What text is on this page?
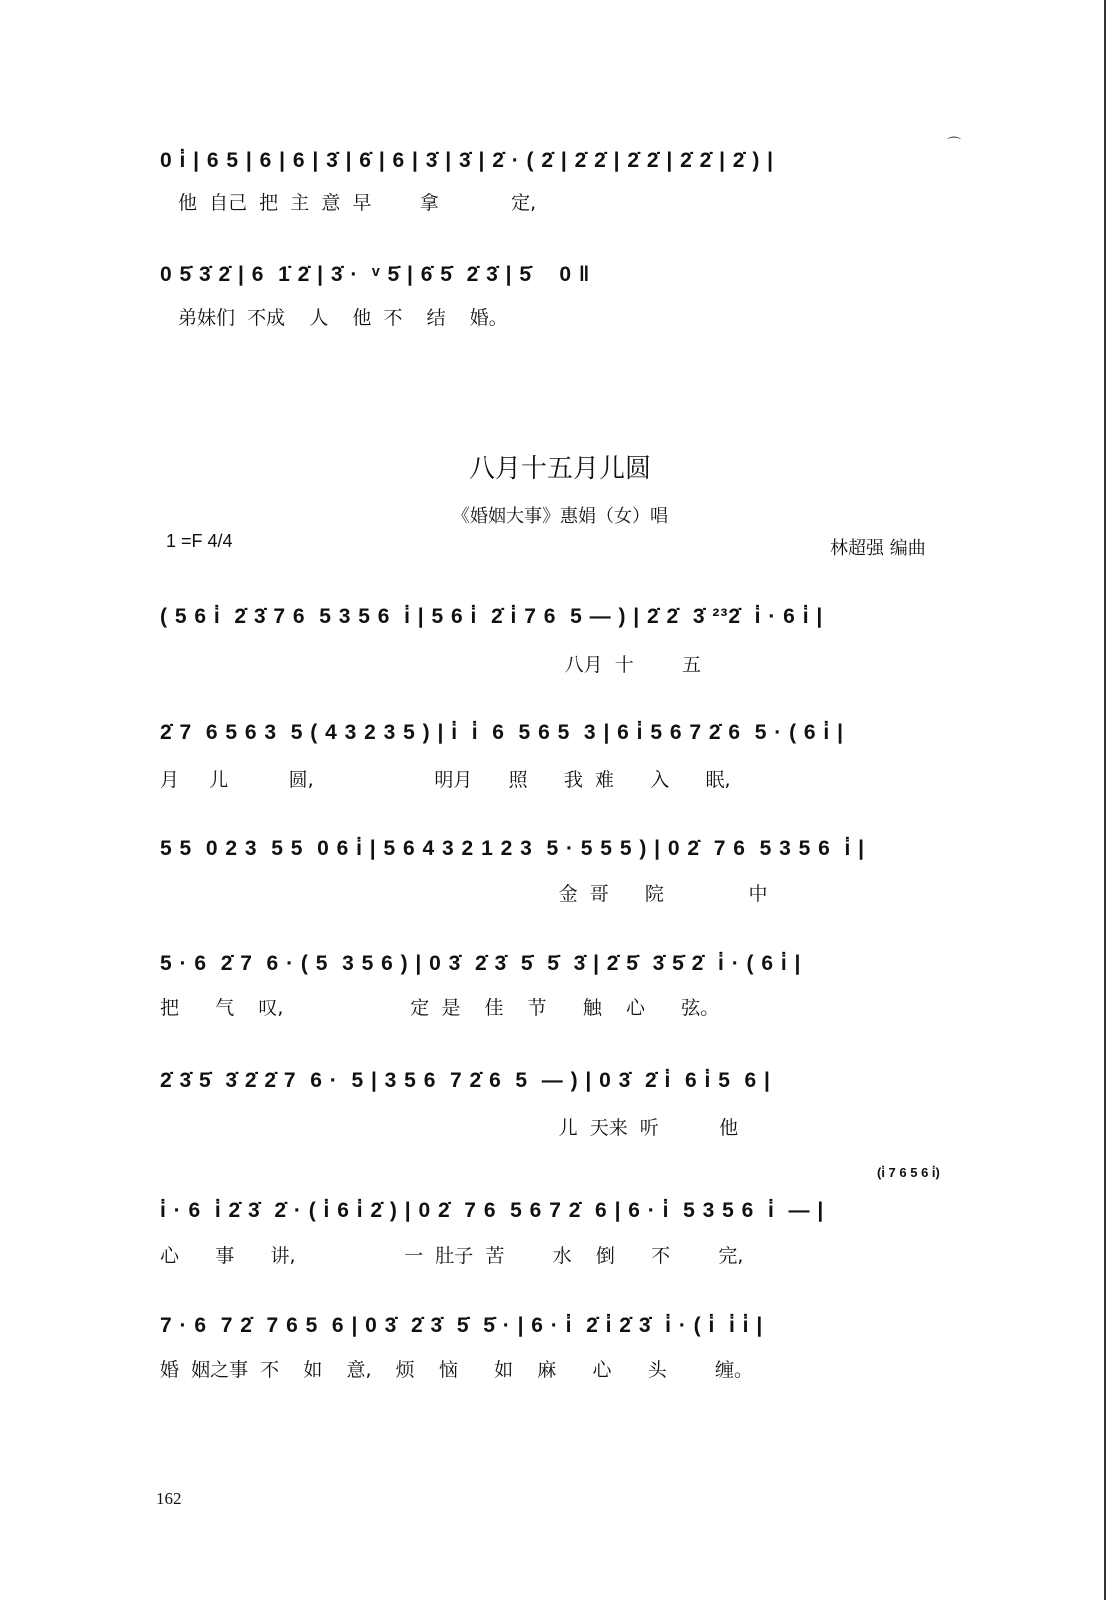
0 i̇ | 6 5 | 6 | 6 | 3̇ | 6̇ | 6 | 3̇ | 3̇ | 2̇ · ( 2̇ | 2̇ 2̇ | 2̇ 2̇ | 2̇ 2̇ | 2̇ ) |
他  自己  把  主  意  早        拿            定,
⌒
0 5̇ 3̇ 2̇ | 6  1̇ 2̇ | 3̇ ·  ᵛ 5̇ | 6̇ 5̇  2̇ 3̇ | 5̇    0 ‖
弟妹们  不成    人    他  不    结    婚。
八月十五月儿圆
《婚姻大事》惠娟（女）唱
1 =F 4/4	林超强 编曲
( 5 6 i̇  2̇ 3̇ 7 6  5 3 5 6  i̇ | 5 6 i̇  2̇ i̇ 7 6  5 — ) | 2̇ 2̇  3̇ ²³2̇  i̇ · 6 i̇ |
八月  十        五
2̇ 7  6 5 6 3  5 ( 4 3 2 3 5 ) | i̇  i̇  6  5 6 5  3 | 6 i̇ 5 6 7 2̇ 6  5 · ( 6 i̇ |
月     儿          圆,                    明月      照      我  难      入      眠,
5 5  0 2 3  5 5  0 6 i̇ | 5 6 4 3 2 1 2 3  5 · 5 5 5 ) | 0 2̇  7 6  5 3 5 6  i̇ |
金  哥      院              中
5 · 6  2̇ 7  6 · ( 5  3 5 6 ) | 0 3̇  2̇ 3̇  5̇  5̇  3̇ | 2̇ 5̇  3̇ 5̇ 2̇  i̇ · ( 6 i̇ |
把      气    叹,                     定  是    佳    节      触    心      弦。
2̇ 3̇ 5̇  3̇ 2̇ 2̇ 7  6 ·  5 | 3 5 6  7 2̇ 6  5  — ) | 0 3̇  2̇ i̇  6 i̇ 5  6 |
儿  天来  听          他
(i̇ 7 6 5 6 i̇)
i̇ · 6  i̇ 2̇ 3̇  2̇ · ( i̇ 6 i̇ 2̇ ) | 0 2̇  7 6  5 6 7 2̇  6 | 6 · i̇  5 3 5 6  i̇  — |
心      事      讲,                  一  肚子  苦        水    倒      不        完,
7 · 6  7 2̇  7 6 5  6 | 0 3̇  2̇ 3̇  5̇  5̇ · | 6 · i̇  2̇ i̇ 2̇ 3̇  i̇ · ( i̇  i̇ i̇ |
婚  姻之事  不    如    意,    烦    恼      如    麻      心      头        缠。
162
